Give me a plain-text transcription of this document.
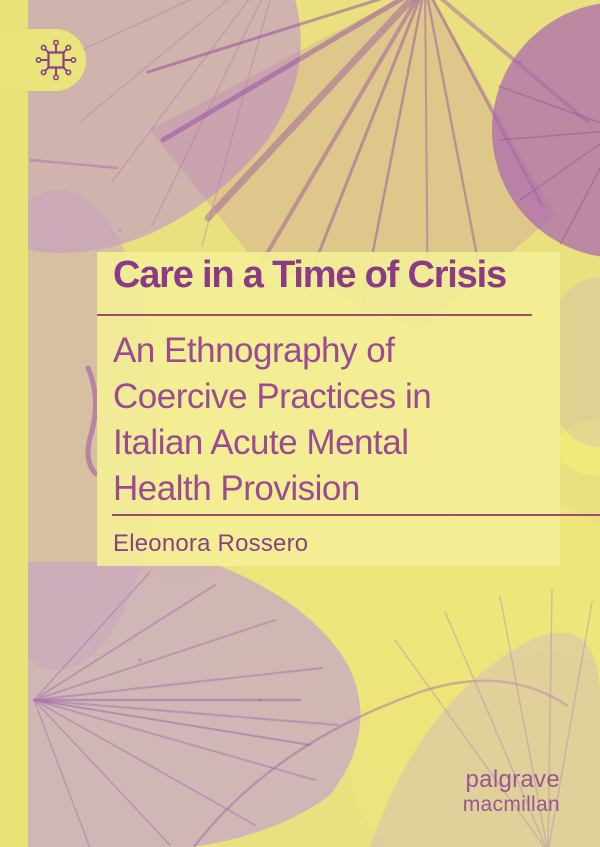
Care in a Time of Crisis
An Ethnography of
Coercive Practices in
Italian Acute Mental
Health Provision
Eleonora Rossero
palgrave
macmillan
